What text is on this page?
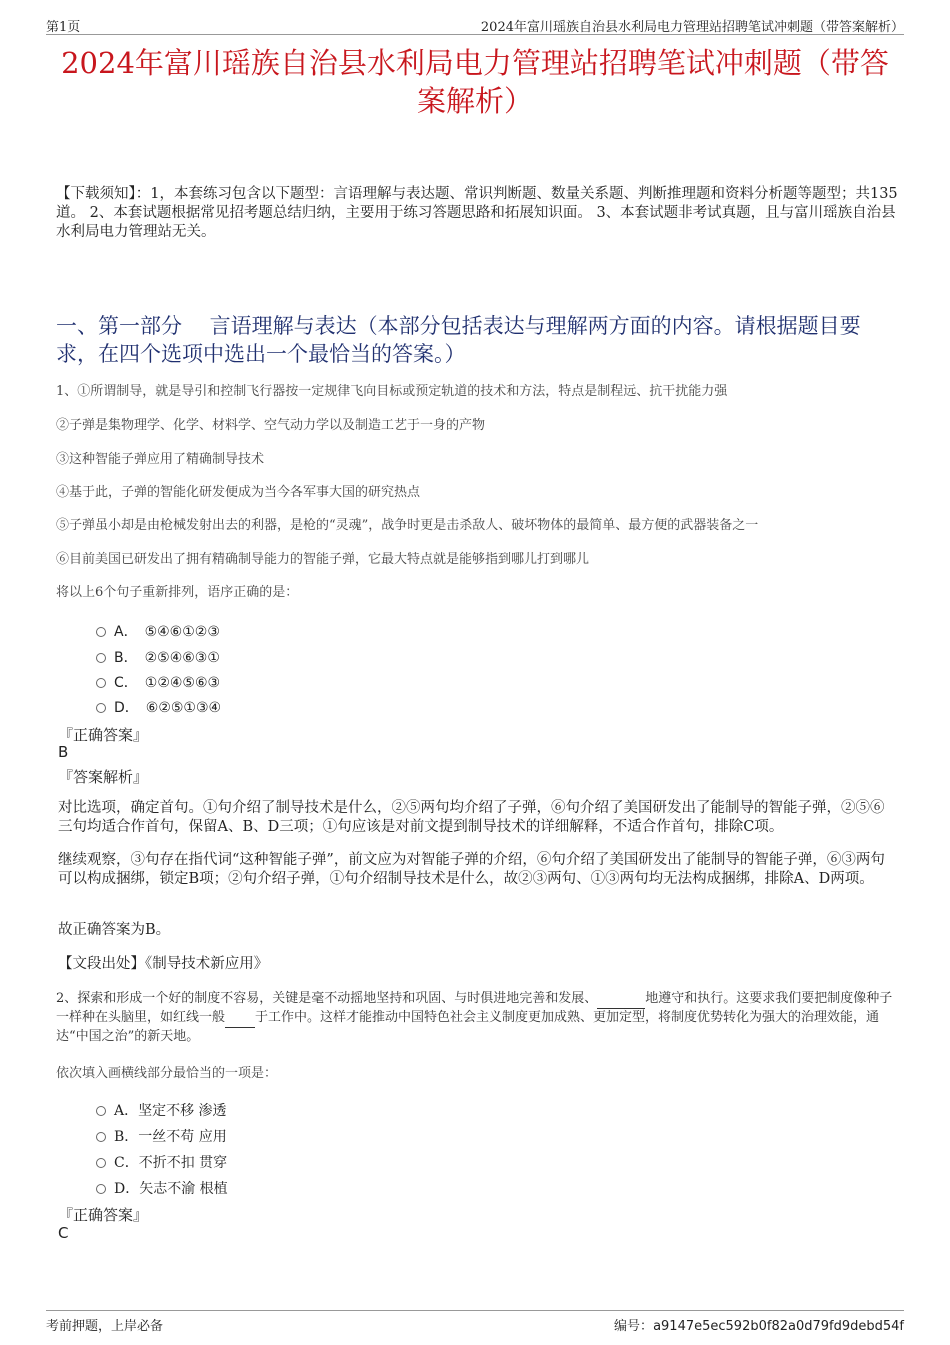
第1页	2024年富川瑶族自治县水利局电力管理站招聘笔试冲刺题（带答案解析）
2024年富川瑶族自治县水利局电力管理站招聘笔试冲刺题（带答案解析）
【下载须知】：1，本套练习包含以下题型：言语理解与表达题、常识判断题、数量关系题、判断推理题和资料分析题等题型；共135道。 2、本套试题根据常见招考题总结归纳，主要用于练习答题思路和拓展知识面。 3、本套试题非考试真题，且与富川瑶族自治县水利局电力管理站无关。
一、第一部分　 言语理解与表达（本部分包括表达与理解两方面的内容。请根据题目要求，在四个选项中选出一个最恰当的答案。）
1、①所谓制导，就是导引和控制飞行器按一定规律飞向目标或预定轨道的技术和方法，特点是制程远、抗干扰能力强
②子弹是集物理学、化学、材料学、空气动力学以及制造工艺于一身的产物
③这种智能子弹应用了精确制导技术
④基于此，子弹的智能化研发便成为当今各军事大国的研究热点
⑤子弹虽小却是由枪械发射出去的利器，是枪的“灵魂”，战争时更是击杀敌人、破坏物体的最简单、最方便的武器装备之一
⑥目前美国已研发出了拥有精确制导能力的智能子弹，它最大特点就是能够指到哪儿打到哪儿
将以上6个句子重新排列，语序正确的是：
A．　⑤④⑥①②③
B．　②⑤④⑥③①
C．　①②④⑤⑥③
D．　⑥②⑤①③④
『正确答案』
B
『答案解析』
对比选项，确定首句。①句介绍了制导技术是什么，②⑤两句均介绍了子弹，⑥句介绍了美国研发出了能制导的智能子弹，②⑤⑥三句均适合作首句，保留A、B、D三项；①句应该是对前文提到制导技术的详细解释，不适合作首句，排除C项。
继续观察，③句存在指代词“这种智能子弹”，前文应为对智能子弹的介绍，⑥句介绍了美国研发出了能制导的智能子弹，⑥③两句可以构成捆绑，锁定B项；②句介绍子弹，①句介绍制导技术是什么，故②③两句、①③两句均无法构成捆绑，排除A、D两项。
故正确答案为B。
【文段出处】《制导技术新应用》
2、探索和形成一个好的制度不容易，关键是毫不动摇地坚持和巩固、与时俱进地完善和发展、	地遵守和执行。这要求我们要把制度像种子一样种在头脑里，如红线一般 于工作中。这样才能推动中国特色社会主义制度更加成熟、更加定型，将制度优势转化为强大的治理效能，通达“中国之治”的新天地。
依次填入画横线部分最恰当的一项是：
A．坚定不移 渗透
B．一丝不苟 应用
C．不折不扣 贯穿
D．矢志不渝 根植
『正确答案』
C
考前押题，上岸必备	编号：a9147e5ec592b0f82a0d79fd9debd54f
